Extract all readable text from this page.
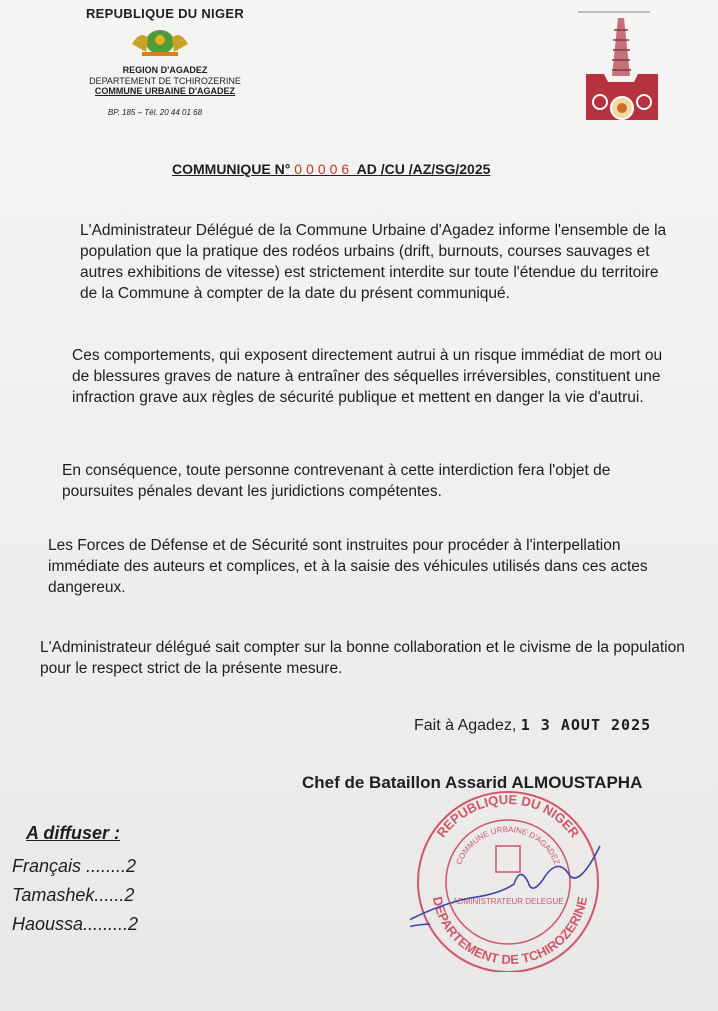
REPUBLIQUE DU NIGER
REGION D'AGADEZ
DEPARTEMENT DE TCHIROZERINE
COMMUNE URBAINE D'AGADEZ
BP. 185 – Tél. 20 44 01 68
COMMUNIQUE N° 00006 AD /CU /AZ/SG/2025
L'Administrateur Délégué de la Commune Urbaine d'Agadez informe l'ensemble de la population que la pratique des rodéos urbains (drift, burnouts, courses sauvages et autres exhibitions de vitesse) est strictement interdite sur toute l'étendue du territoire de la Commune à compter de la date du présent communiqué.
Ces comportements, qui exposent directement autrui à un risque immédiat de mort ou de blessures graves de nature à entraîner des séquelles irréversibles, constituent une infraction grave aux règles de sécurité publique et mettent en danger la vie d'autrui.
En conséquence, toute personne contrevenant à cette interdiction fera l'objet de poursuites pénales devant les juridictions compétentes.
Les Forces de Défense et de Sécurité sont instruites pour procéder à l'interpellation immédiate des auteurs et complices, et à la saisie des véhicules utilisés dans ces actes dangereux.
L'Administrateur délégué sait compter sur la bonne collaboration et le civisme de la population pour le respect strict de la présente mesure.
Fait à Agadez, 1 3 AOUT 2025
Chef de Bataillon Assarid ALMOUSTAPHA
A diffuser :
Français ........2
Tamashek......2
Haoussa.........2
REPUBLIQUE DU NIGER
COMMUNE URBAINE D'AGADEZ
DEPARTEMENT DE TCHIROZERINE
ADMINISTRATEUR DELEGUE
